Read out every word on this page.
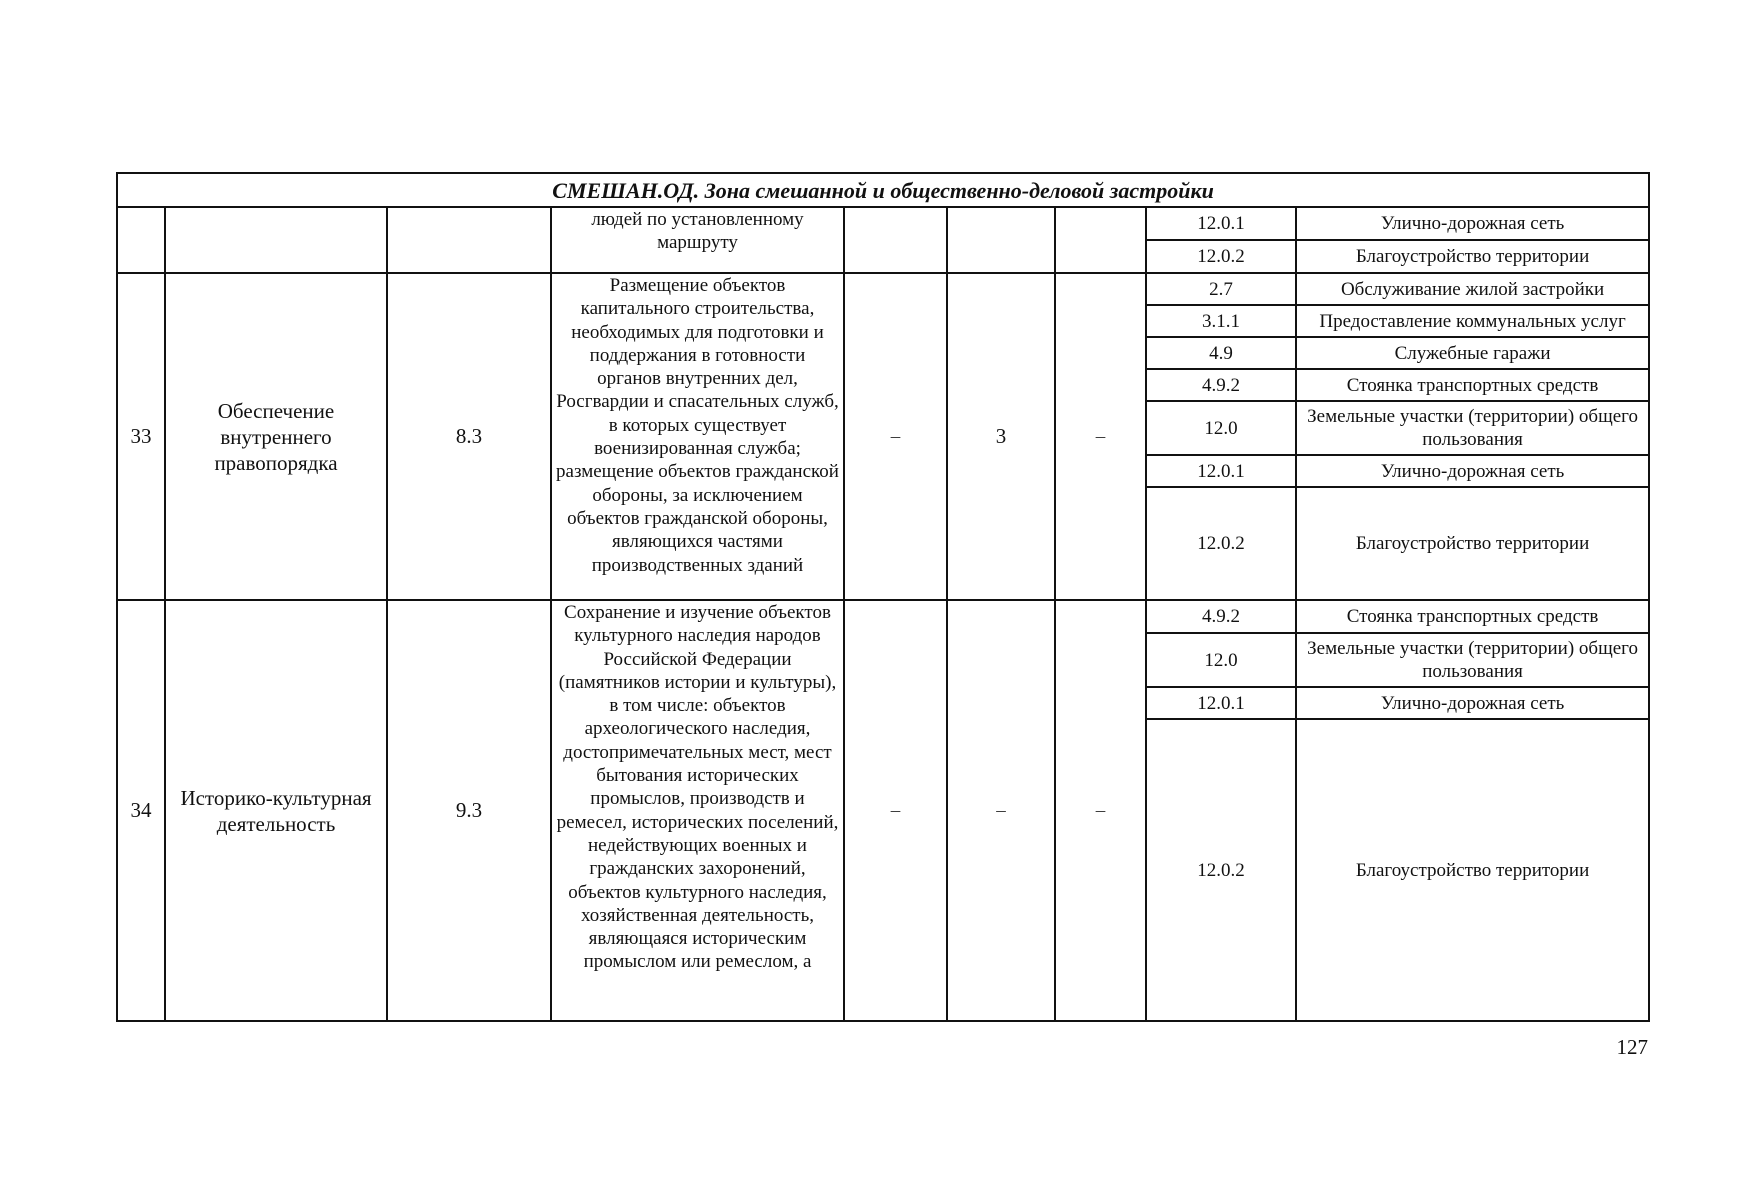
СМЕШАН.ОД. Зона смешанной и общественно-деловой застройки								
			людей по установленному маршруту				12.0.1	Улично-дорожная сеть
							12.0.2	Благоустройство территории
33	Обеспечение внутреннего правопорядка	8.3	Размещение объектов капитального строительства, необходимых для подготовки и поддержания в готовности органов внутренних дел, Росгвардии и спасательных служб, в которых существует военизированная служба; размещение объектов гражданской обороны, за исключением объектов гражданской обороны, являющихся частями производственных зданий	–	3	–	2.7	Обслуживание жилой застройки
							3.1.1	Предоставление коммунальных услуг
							4.9	Служебные гаражи
							4.9.2	Стоянка транспортных средств
							12.0	Земельные участки (территории) общего пользования
							12.0.1	Улично-дорожная сеть
							12.0.2	Благоустройство территории
34	Историко-культурная деятельность	9.3	Сохранение и изучение объектов культурного наследия народов Российской Федерации (памятников истории и культуры), в том числе: объектов археологического наследия, достопримечательных мест, мест бытования исторических промыслов, производств и ремесел, исторических поселений, недействующих военных и гражданских захоронений, объектов культурного наследия, хозяйственная деятельность, являющаяся историческим промыслом или ремеслом, а	–	–	–	4.9.2	Стоянка транспортных средств
							12.0	Земельные участки (территории) общего пользования
							12.0.1	Улично-дорожная сеть
							12.0.2	Благоустройство территории
127
